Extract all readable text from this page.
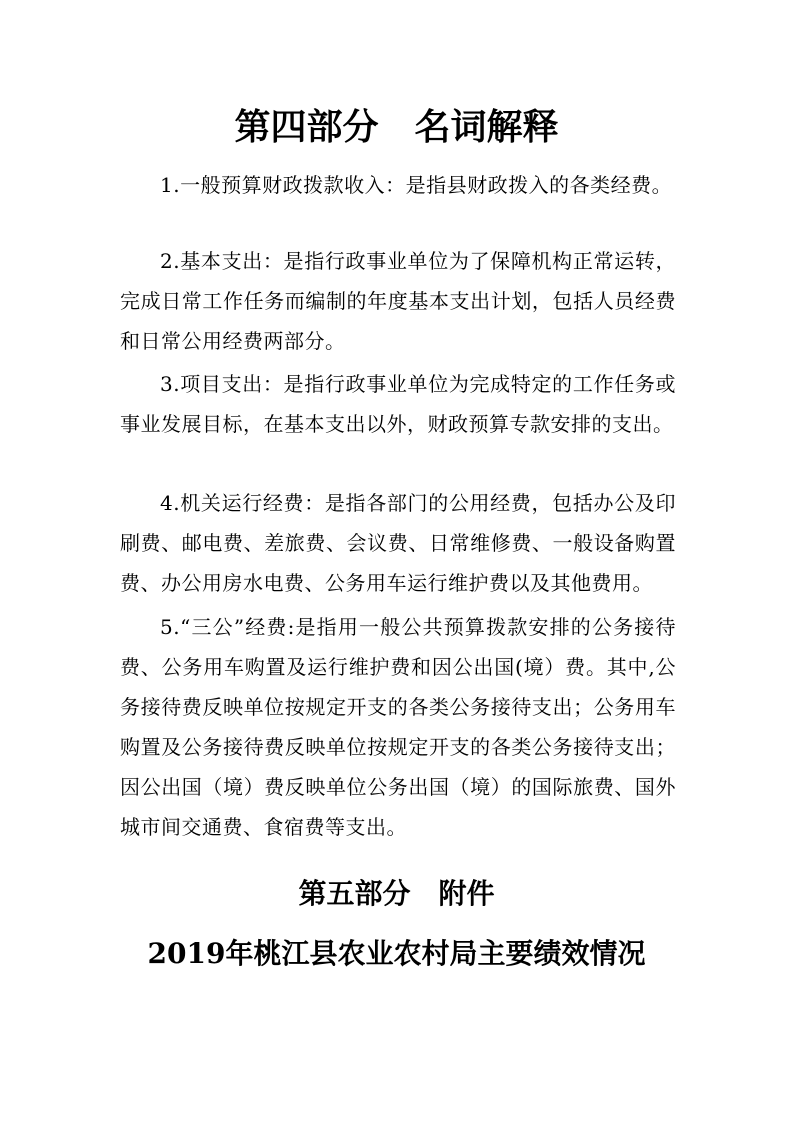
第四部分　名词解释

1.一般预算财政拨款收入：是指县财政拨入的各类经费。

2.基本支出：是指行政事业单位为了保障机构正常运转，完成日常工作任务而编制的年度基本支出计划，包括人员经费和日常公用经费两部分。

3.项目支出：是指行政事业单位为完成特定的工作任务或事业发展目标，在基本支出以外，财政预算专款安排的支出。

4.机关运行经费：是指各部门的公用经费，包括办公及印刷费、邮电费、差旅费、会议费、日常维修费、一般设备购置费、办公用房水电费、公务用车运行维护费以及其他费用。

5.“三公”经费:是指用一般公共预算拨款安排的公务接待费、公务用车购置及运行维护费和因公出国(境）费。其中,公务接待费反映单位按规定开支的各类公务接待支出；公务用车购置及公务接待费反映单位按规定开支的各类公务接待支出；因公出国（境）费反映单位公务出国（境）的国际旅费、国外城市间交通费、食宿费等支出。

第五部分　附件
2019年桃江县农业农村局主要绩效情况
